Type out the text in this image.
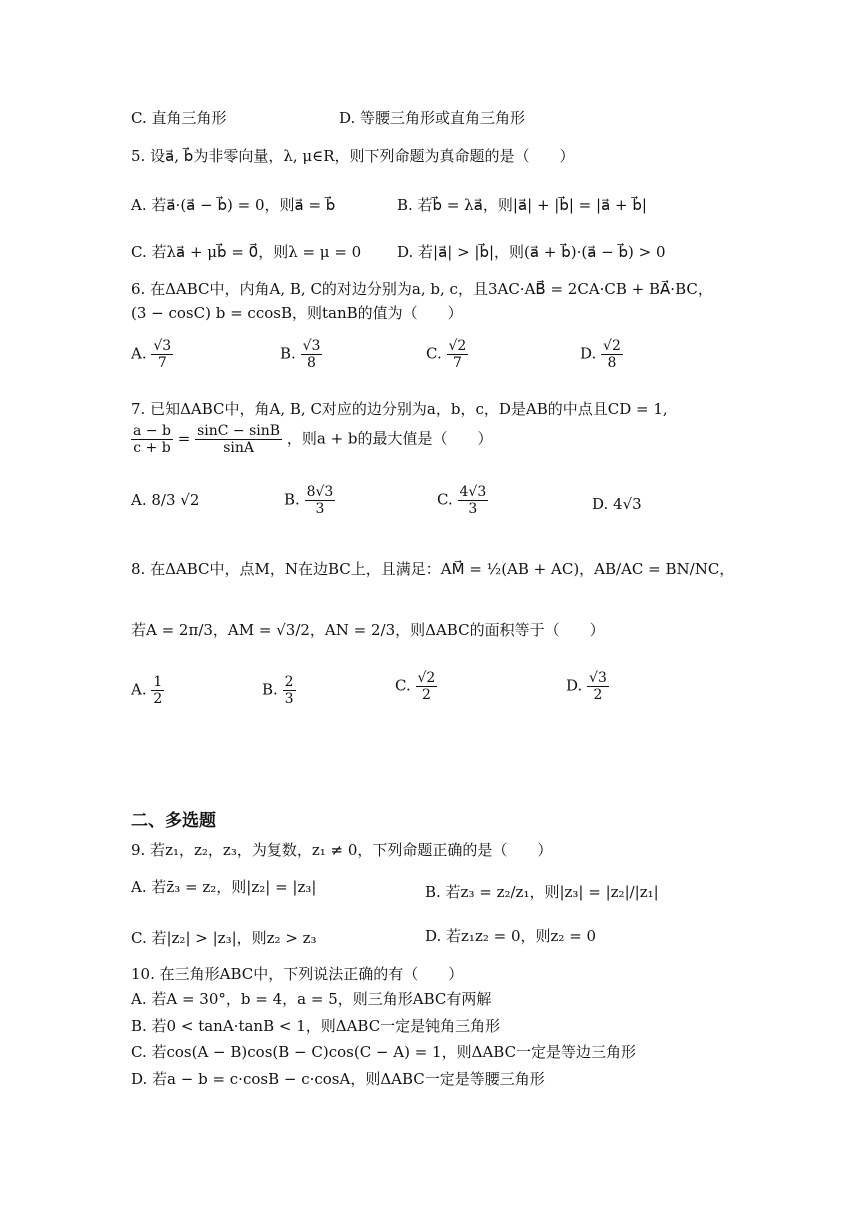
C. 直角三角形	D. 等腰三角形或直角三角形
5. 设a⃗, b⃗为非零向量，λ, μ∈R，则下列命题为真命题的是（　　）
A. 若a⃗·(a⃗ − b⃗) = 0，则a⃗ = b⃗	B. 若b⃗ = λa⃗，则|a⃗| + |b⃗| = |a⃗ + b⃗|
C. 若λa⃗ + μb⃗ = 0⃗，则λ = μ = 0 D. 若|a⃗| > |b⃗|，则(a⃗ + b⃗)·(a⃗ − b⃗) > 0
6. 在ΔABC中，内角A, B, C的对边分别为a, b, c，且3AC·AB⃗ = 2CA·CB + BA⃗·BC，
(3 − cosC) b = ccosB，则tanB的值为（　　）
A. $\frac{√3}{7}$	B. $\frac{√3}{8}$	C. $\frac{√2}{7}$	D. $\frac{√2}{8}$
7. 已知ΔABC中，角A, B, C对应的边分别为a，b，c，D是AB的中点且CD = 1,
$\frac{a - b}{c + b} = \frac{\sin C - \sin B}{\sin A}$ ，则a + b的最大值是（　　）
A. 8/3 √2	B. $\frac{8√3}{3}$	C. $\frac{4√3}{3}$	D. 4√3
8. 在ΔABC中，点M，N在边BC上，且满足：AM⃗ = ½(AB + AC)，AB/AC = BN/NC，
若A = 2π/3，AM = √3/2，AN = 2/3，则ΔABC的面积等于（　　）
A. $\frac{1}{2}$	B. $\frac{2}{3}$	C. $\frac{√2}{2}$	D. $\frac{√3}{2}$
二、多选题
9. 若z₁，z₂，z₃，为复数，z₁ ≠ 0，下列命题正确的是（　　）
A. 若z̄₃ = z₂，则|z₂| = |z₃|	B. 若z₃ = z₂/z₁，则|z₃| = |z₂|/|z₁|
C. 若|z₂| > |z₃|，则z₂ > z₃	D. 若z₁z₂ = 0，则z₂ = 0
10. 在三角形ABC中，下列说法正确的有（　　）
A. 若A = 30°，b = 4，a = 5，则三角形ABC有两解
B. 若0 < tanA·tanB < 1，则ΔABC一定是钝角三角形
C. 若cos(A − B)cos(B − C)cos(C − A) = 1，则ΔABC一定是等边三角形
D. 若a − b = c·cosB − c·cosA，则ΔABC一定是等腰三角形
